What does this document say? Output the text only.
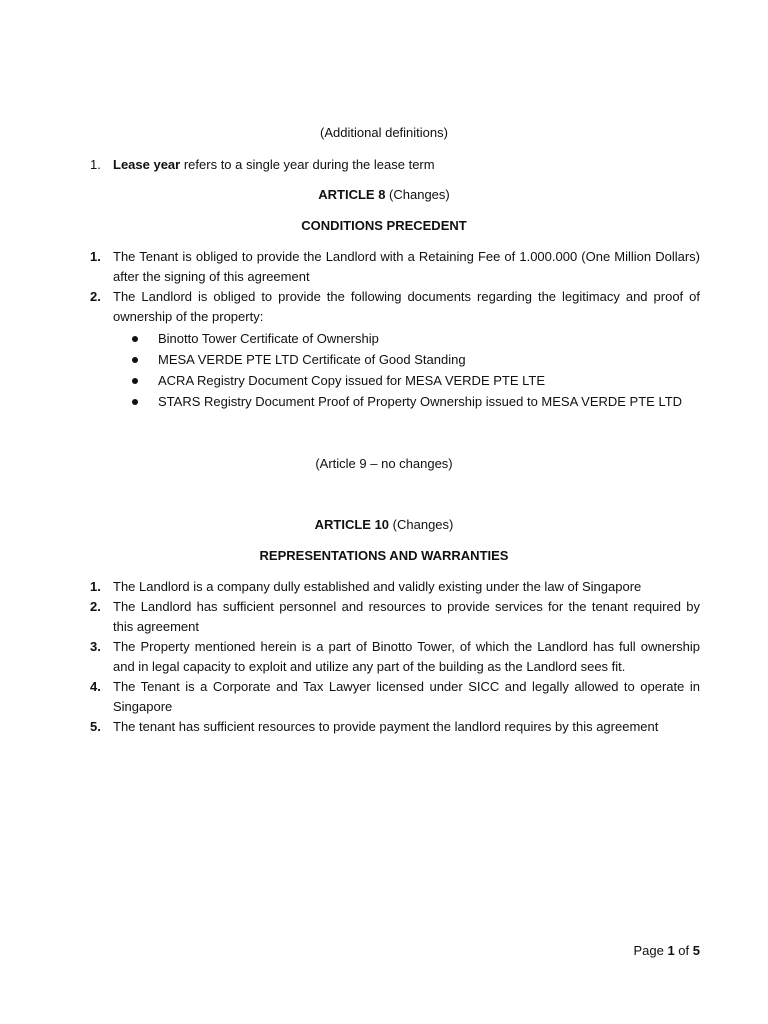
(Additional definitions)
1. Lease year refers to a single year during the lease term
ARTICLE 8 (Changes)
CONDITIONS PRECEDENT
1. The Tenant is obliged to provide the Landlord with a Retaining Fee of 1.000.000 (One Million Dollars) after the signing of this agreement
2. The Landlord is obliged to provide the following documents regarding the legitimacy and proof of ownership of the property:
Binotto Tower Certificate of Ownership
MESA VERDE PTE LTD Certificate of Good Standing
ACRA Registry Document Copy issued for MESA VERDE PTE LTE
STARS Registry Document Proof of Property Ownership issued to MESA VERDE PTE LTD
(Article 9 – no changes)
ARTICLE 10 (Changes)
REPRESENTATIONS AND WARRANTIES
1. The Landlord is a company dully established and validly existing under the law of Singapore
2. The Landlord has sufficient personnel and resources to provide services for the tenant required by this agreement
3. The Property mentioned herein is a part of Binotto Tower, of which the Landlord has full ownership and in legal capacity to exploit and utilize any part of the building as the Landlord sees fit.
4. The Tenant is a Corporate and Tax Lawyer licensed under SICC and legally allowed to operate in Singapore
5. The tenant has sufficient resources to provide payment the landlord requires by this agreement
Page 1 of 5
